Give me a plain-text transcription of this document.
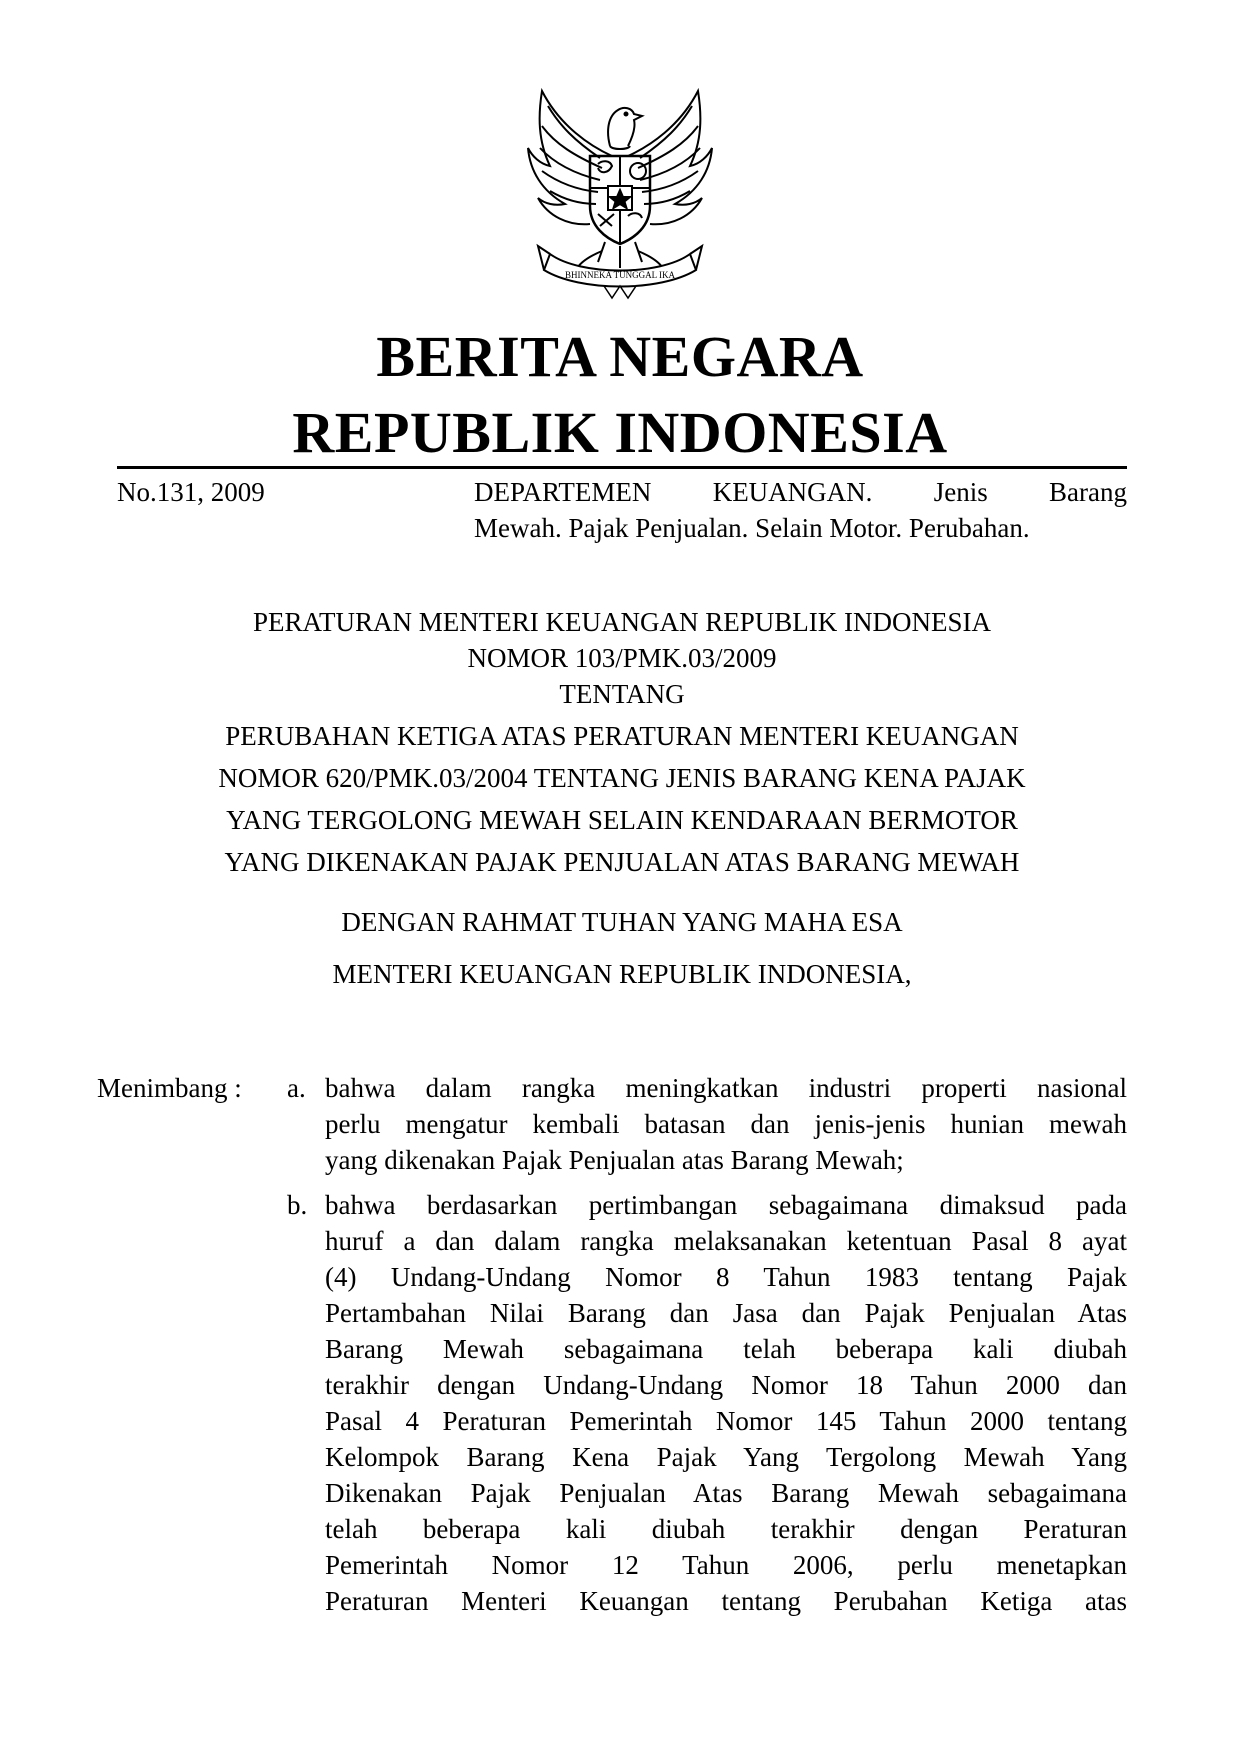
BHINNEKA TUNGGAL IKA
BERITA NEGARA
REPUBLIK INDONESIA
No.131, 2009	DEPARTEMEN KEUANGAN. Jenis Barang
Mewah. Pajak Penjualan. Selain Motor. Perubahan.
PERATURAN MENTERI KEUANGAN REPUBLIK INDONESIA
NOMOR 103/PMK.03/2009
TENTANG
PERUBAHAN KETIGA ATAS PERATURAN MENTERI KEUANGAN
NOMOR 620/PMK.03/2004 TENTANG JENIS BARANG KENA PAJAK
YANG TERGOLONG MEWAH SELAIN KENDARAAN BERMOTOR
YANG DIKENAKAN PAJAK PENJUALAN ATAS BARANG MEWAH
DENGAN RAHMAT TUHAN YANG MAHA ESA
MENTERI KEUANGAN REPUBLIK INDONESIA,
Menimbang : a. bahwa dalam rangka meningkatkan industri properti nasional
perlu mengatur kembali batasan dan jenis-jenis hunian mewah
yang dikenakan Pajak Penjualan atas Barang Mewah;
b. bahwa berdasarkan pertimbangan sebagaimana dimaksud pada
huruf a dan dalam rangka melaksanakan ketentuan Pasal 8 ayat
(4) Undang-Undang Nomor 8 Tahun 1983 tentang Pajak
Pertambahan Nilai Barang dan Jasa dan Pajak Penjualan Atas
Barang Mewah sebagaimana telah beberapa kali diubah
terakhir dengan Undang-Undang Nomor 18 Tahun 2000 dan
Pasal 4 Peraturan Pemerintah Nomor 145 Tahun 2000 tentang
Kelompok Barang Kena Pajak Yang Tergolong Mewah Yang
Dikenakan Pajak Penjualan Atas Barang Mewah sebagaimana
telah beberapa kali diubah terakhir dengan Peraturan
Pemerintah Nomor 12 Tahun 2006, perlu menetapkan
Peraturan Menteri Keuangan tentang Perubahan Ketiga atas
